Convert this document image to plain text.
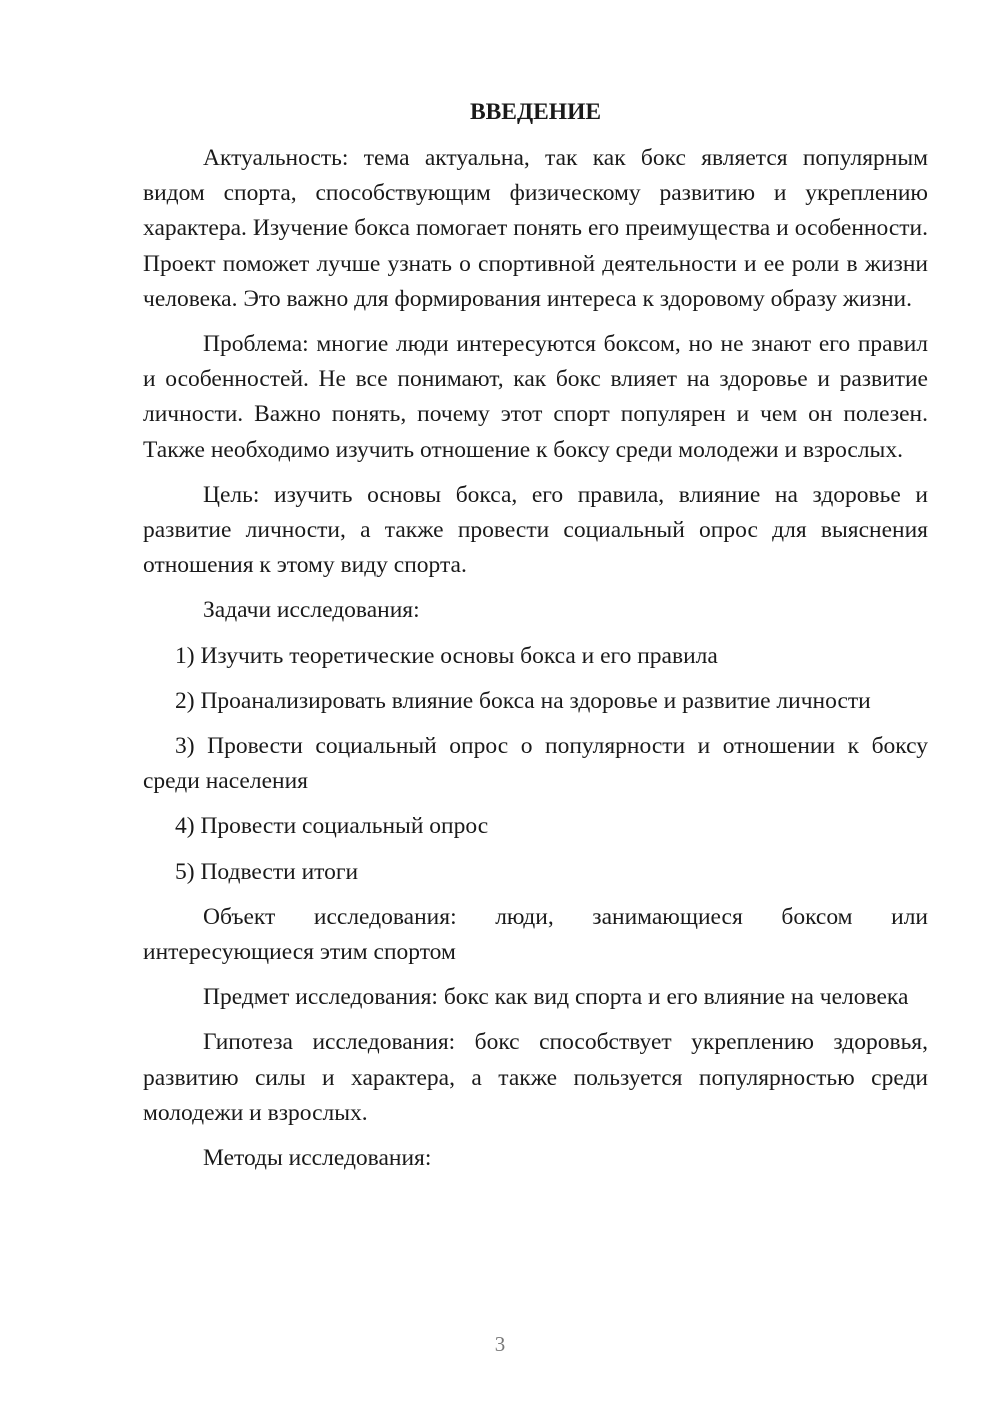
ВВЕДЕНИЕ

Актуальность: тема актуальна, так как бокс является популярным видом спорта, способствующим физическому развитию и укреплению характера. Изучение бокса помогает понять его преимущества и особенности. Проект поможет лучше узнать о спортивной деятельности и ее роли в жизни человека. Это важно для формирования интереса к здоровому образу жизни.

Проблема: многие люди интересуются боксом, но не знают его правил и особенностей. Не все понимают, как бокс влияет на здоровье и развитие личности. Важно понять, почему этот спорт популярен и чем он полезен. Также необходимо изучить отношение к боксу среди молодежи и взрослых.

Цель: изучить основы бокса, его правила, влияние на здоровье и развитие личности, а также провести социальный опрос для выяснения отношения к этому виду спорта.

Задачи исследования:

1) Изучить теоретические основы бокса и его правила

2) Проанализировать влияние бокса на здоровье и развитие личности

3) Провести социальный опрос о популярности и отношении к боксу среди населения

4) Провести социальный опрос

5) Подвести итоги

Объект исследования: люди, занимающиеся боксом или интересующиеся этим спортом

Предмет исследования: бокс как вид спорта и его влияние на человека

Гипотеза исследования: бокс способствует укреплению здоровья, развитию силы и характера, а также пользуется популярностью среди молодежи и взрослых.

Методы исследования:

3
